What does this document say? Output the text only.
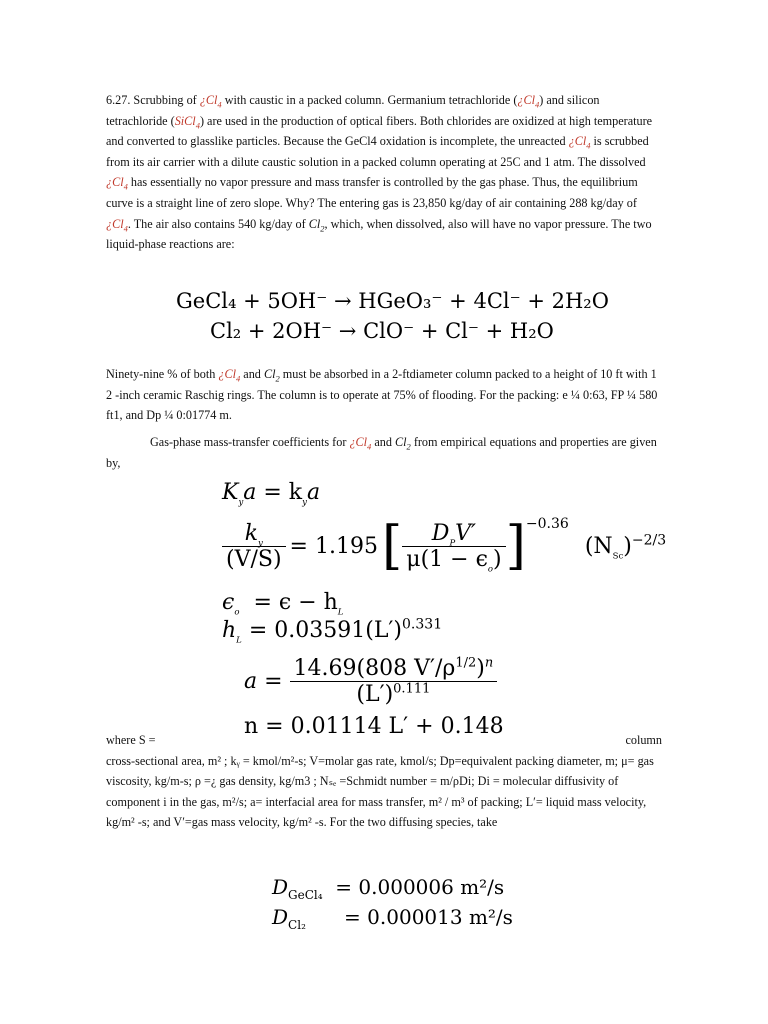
6.27. Scrubbing of ¿$Cl_4$ with caustic in a packed column. Germanium tetrachloride $(¿Cl_4)$ and silicon tetrachloride (SiCl$_4$) are used in the production of optical fibers. Both chlorides are oxidized at high temperature and converted to glasslike particles. Because the GeCl4 oxidation is incomplete, the unreacted ¿$Cl_4$ is scrubbed from its air carrier with a dilute caustic solution in a packed column operating at 25C and 1 atm. The dissolved ¿$Cl_4$ has essentially no vapor pressure and mass transfer is controlled by the gas phase. Thus, the equilibrium curve is a straight line of zero slope. Why? The entering gas is 23,850 kg/day of air containing 288 kg/day of ¿$Cl_4$. The air also contains 540 kg/day of $Cl_2$, which, when dissolved, also will have no vapor pressure. The two liquid-phase reactions are:
GeCl₄ + 5OH⁻ → HGeO₃⁻ + 4Cl⁻ + 2H₂O
Cl₂ + 2OH⁻ → ClO⁻ + Cl⁻ + H₂O
Ninety-nine % of both ¿$Cl_4$ and $Cl_2$ must be absorbed in a 2-ftdiameter column packed to a height of 10 ft with 1 2 -inch ceramic Raschig rings. The column is to operate at 75% of flooding. For the packing: e ¼ 0:63, FP ¼ 580 ft1, and Dp ¼ 0:01774 m.
Gas-phase mass-transfer coefficients for ¿$Cl_4$ and $Cl_2$ from empirical equations and properties are given by,
$K_ya = k_ya$
$\frac{k_y}{(V/S)} = 1.195$ [ $\frac{D_PV'}{\mu(1 - \epsilon_o)} ]^{-0.36}$
$(N_{Sc})^{-2/3}$
$\epsilon_o = \epsilon - h_L$
$h_L = 0.03591(L')^{0.331}$
$a = \frac{14.69(808 V'/\rho^{1/2})^n}{(L')^{0.111}}$
n = 0.01114 L′ + 0.148
where S =	column
cross-sectional area, m² ; kᵧ = kmol/m²-s; V=molar gas rate, kmol/s; Dp=equivalent packing diameter, m; μ= gas viscosity, kg/m-s; ρ =¿ gas density, kg/m3 ; Nₛₑ =Schmidt number = m/ρDi; Di = molecular diffusivity of component i in the gas, m²/s; a= interfacial area for mass transfer, m² / m³ of packing; L′= liquid mass velocity, kg/m² -s; and V′=gas mass velocity, kg/m² -s. For the two diffusing species, take
$D_{GeCl_4} = 0.000006$ m²/s
$D_{Cl_2} = 0.000013$ m²/s
